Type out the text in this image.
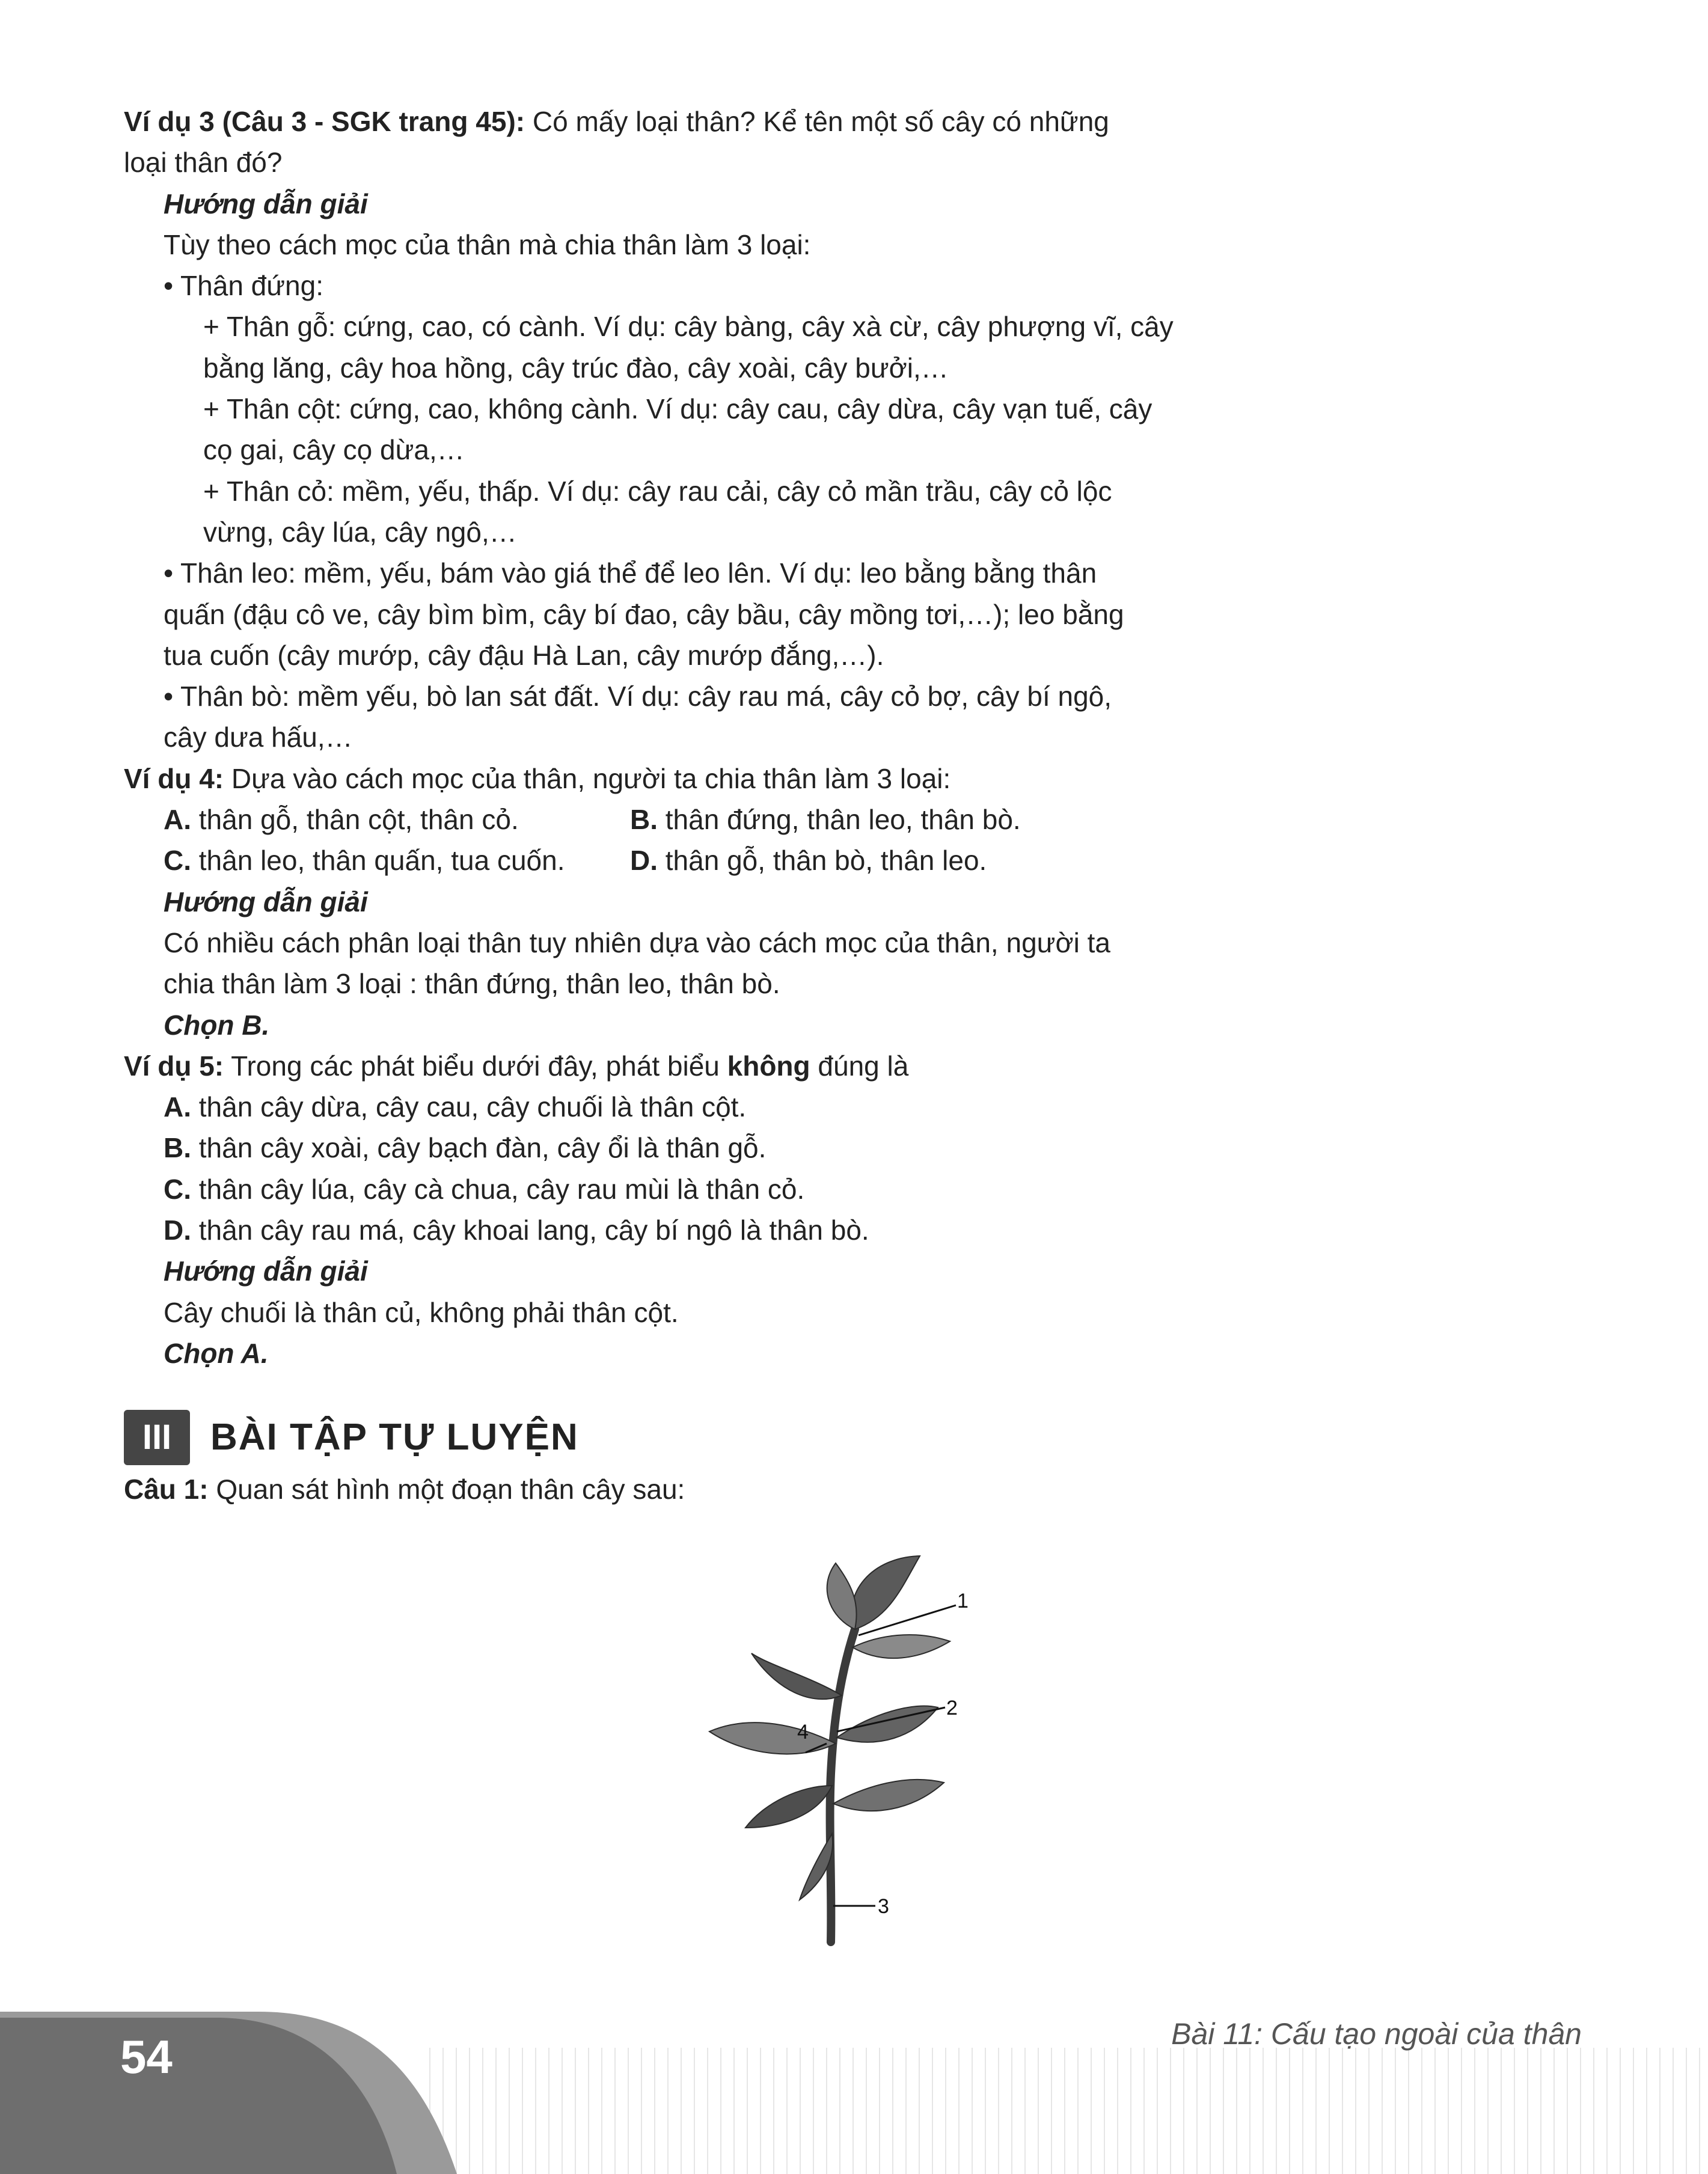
Ví dụ 3 (Câu 3 - SGK trang 45): Có mấy loại thân? Kể tên một số cây có những

loại thân đó?

Hướng dẫn giải

Tùy theo cách mọc của thân mà chia thân làm 3 loại:

• Thân đứng:

+ Thân gỗ: cứng, cao, có cành. Ví dụ: cây bàng, cây xà cừ, cây phượng vĩ, cây

bằng lăng, cây hoa hồng, cây trúc đào, cây xoài, cây bưởi,…

+ Thân cột: cứng, cao, không cành. Ví dụ: cây cau, cây dừa, cây vạn tuế, cây

cọ gai, cây cọ dừa,…

+ Thân cỏ: mềm, yếu, thấp. Ví dụ: cây rau cải, cây cỏ mần trầu, cây cỏ lộc

vừng, cây lúa, cây ngô,…

• Thân leo: mềm, yếu, bám vào giá thể để leo lên. Ví dụ: leo bằng bằng thân

quấn (đậu cô ve, cây bìm bìm, cây bí đao, cây bầu, cây mồng tơi,…); leo bằng

tua cuốn (cây mướp, cây đậu Hà Lan, cây mướp đắng,…).

• Thân bò: mềm yếu, bò lan sát đất. Ví dụ: cây rau má, cây cỏ bợ, cây bí ngô,

cây dưa hấu,…

Ví dụ 4: Dựa vào cách mọc của thân, người ta chia thân làm 3 loại:

A. thân gỗ, thân cột, thân cỏ.	B. thân đứng, thân leo, thân bò.
C. thân leo, thân quấn, tua cuốn.	D. thân gỗ, thân bò, thân leo.

Hướng dẫn giải

Có nhiều cách phân loại thân tuy nhiên dựa vào cách mọc của thân, người ta

chia thân làm 3 loại : thân đứng, thân leo, thân bò.

Chọn B.

Ví dụ 5: Trong các phát biểu dưới đây, phát biểu không đúng là

A. thân cây dừa, cây cau, cây chuối là thân cột.

B. thân cây xoài, cây bạch đàn, cây ổi là thân gỗ.

C. thân cây lúa, cây cà chua, cây rau mùi là thân cỏ.

D. thân cây rau má, cây khoai lang, cây bí ngô là thân bò.

Hướng dẫn giải

Cây chuối là thân củ, không phải thân cột.

Chọn A.

III	BÀI TẬP TỰ LUYỆN

Câu 1: Quan sát hình một đoạn thân cây sau:

1
2
3
4
54	Bài 11: Cấu tạo ngoài của thân
